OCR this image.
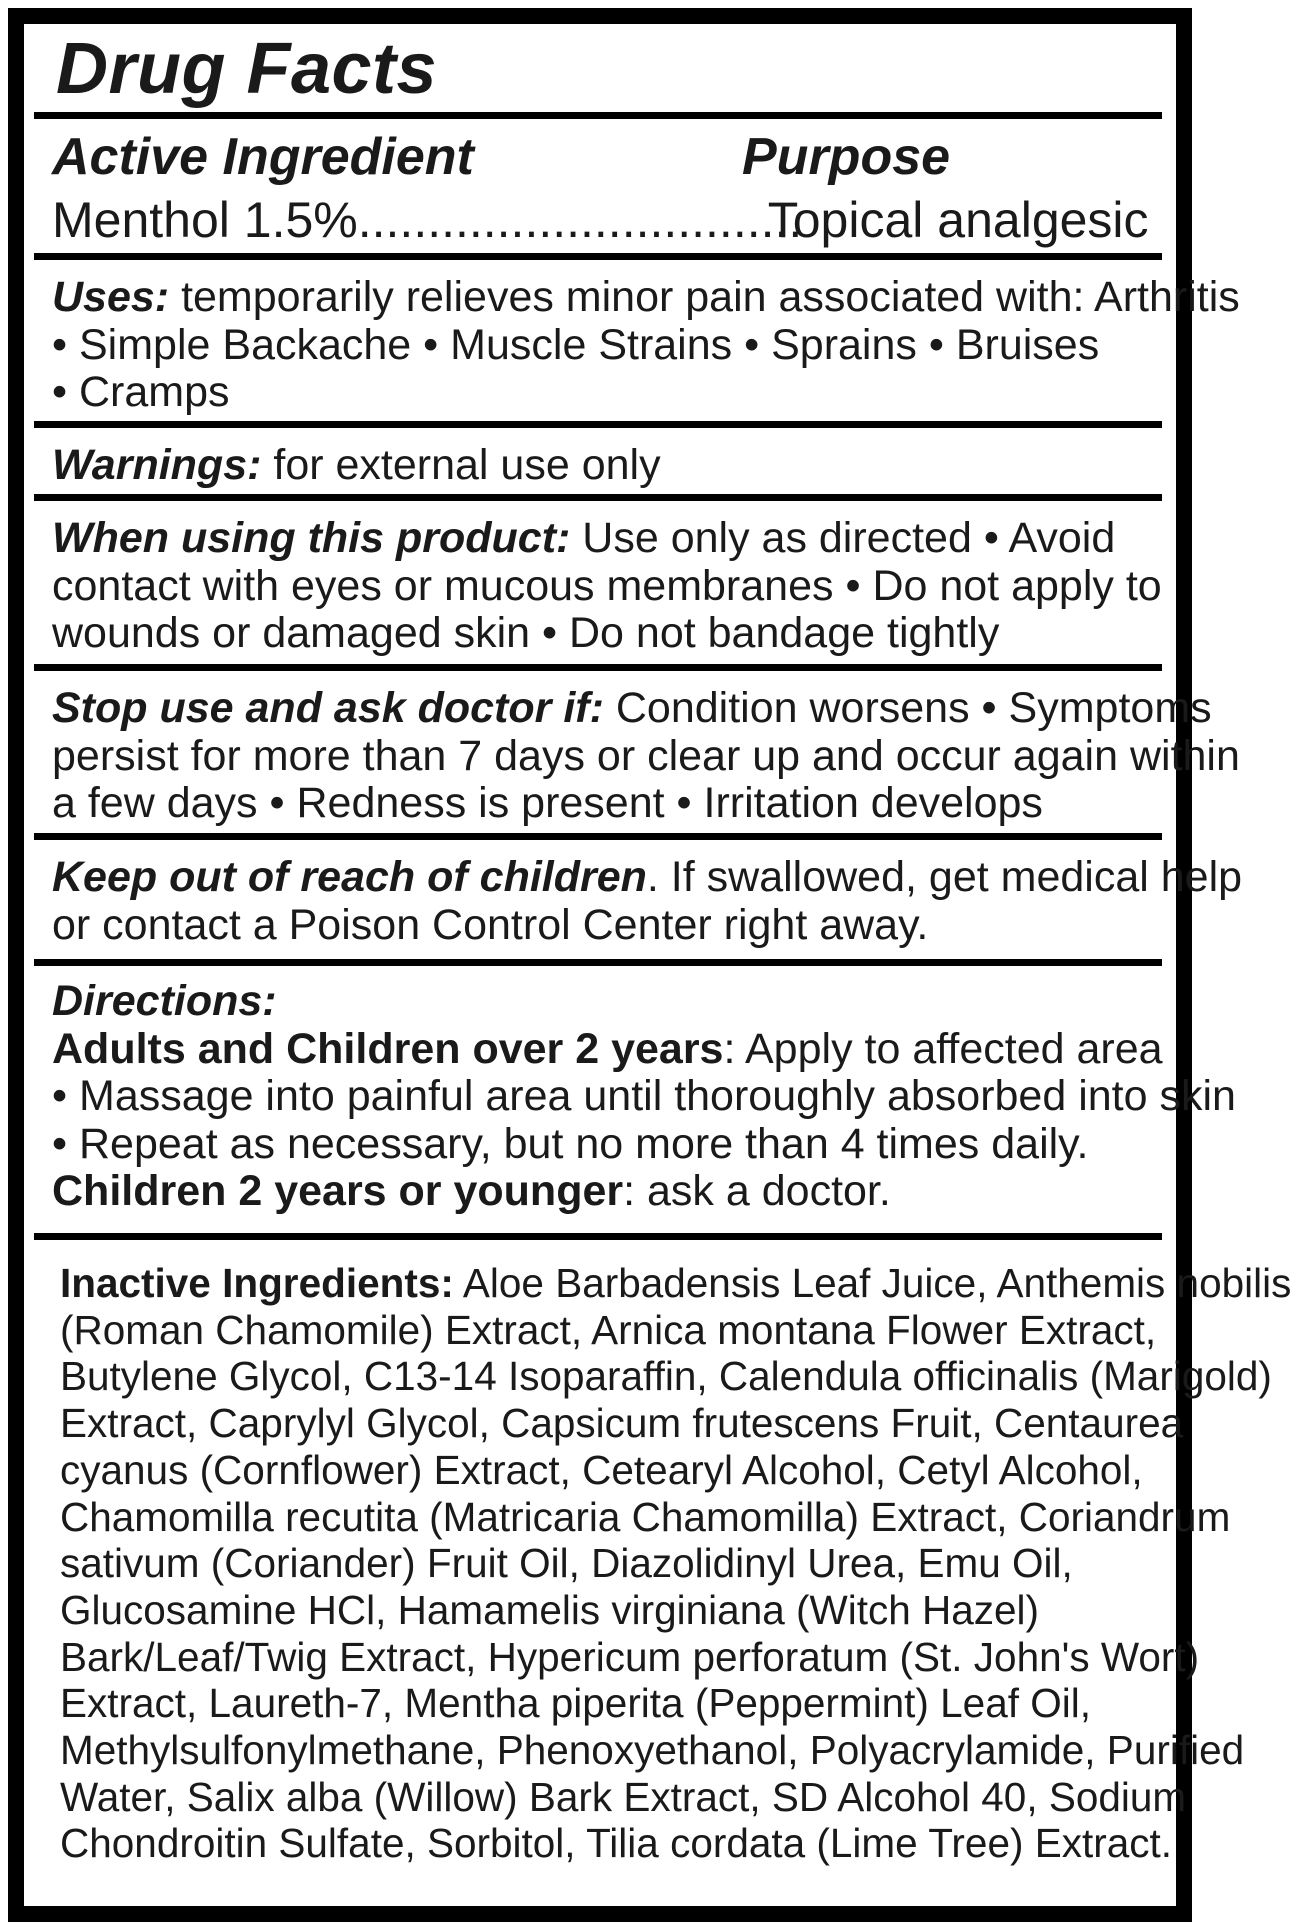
Drug Facts
Active Ingredient	Purpose
Menthol 1.5% ................................
Topical analgesic
Uses: temporarily relieves minor pain associated with: Arthritis
• Simple Backache • Muscle Strains • Sprains • Bruises
• Cramps
Warnings: for external use only
When using this product: Use only as directed • Avoid
contact with eyes or mucous membranes • Do not apply to
wounds or damaged skin • Do not bandage tightly
Stop use and ask doctor if: Condition worsens • Symptoms
persist for more than 7 days or clear up and occur again within
a few days • Redness is present • Irritation develops
Keep out of reach of children. If swallowed, get medical help
or contact a Poison Control Center right away.
Directions:
Adults and Children over 2 years: Apply to affected area
• Massage into painful area until thoroughly absorbed into skin
• Repeat as necessary, but no more than 4 times daily.
Children 2 years or younger: ask a doctor.
Inactive Ingredients: Aloe Barbadensis Leaf Juice, Anthemis nobilis
(Roman Chamomile) Extract, Arnica montana Flower Extract,
Butylene Glycol, C13-14 Isoparaffin, Calendula officinalis (Marigold)
Extract, Caprylyl Glycol, Capsicum frutescens Fruit, Centaurea
cyanus (Cornflower) Extract, Cetearyl Alcohol, Cetyl Alcohol,
Chamomilla recutita (Matricaria Chamomilla) Extract, Coriandrum
sativum (Coriander) Fruit Oil, Diazolidinyl Urea, Emu Oil,
Glucosamine HCl, Hamamelis virginiana (Witch Hazel)
Bark/Leaf/Twig Extract, Hypericum perforatum (St. John's Wort)
Extract, Laureth-7, Mentha piperita (Peppermint) Leaf Oil,
Methylsulfonylmethane, Phenoxyethanol, Polyacrylamide, Purified
Water, Salix alba (Willow) Bark Extract, SD Alcohol 40, Sodium
Chondroitin Sulfate, Sorbitol, Tilia cordata (Lime Tree) Extract.
